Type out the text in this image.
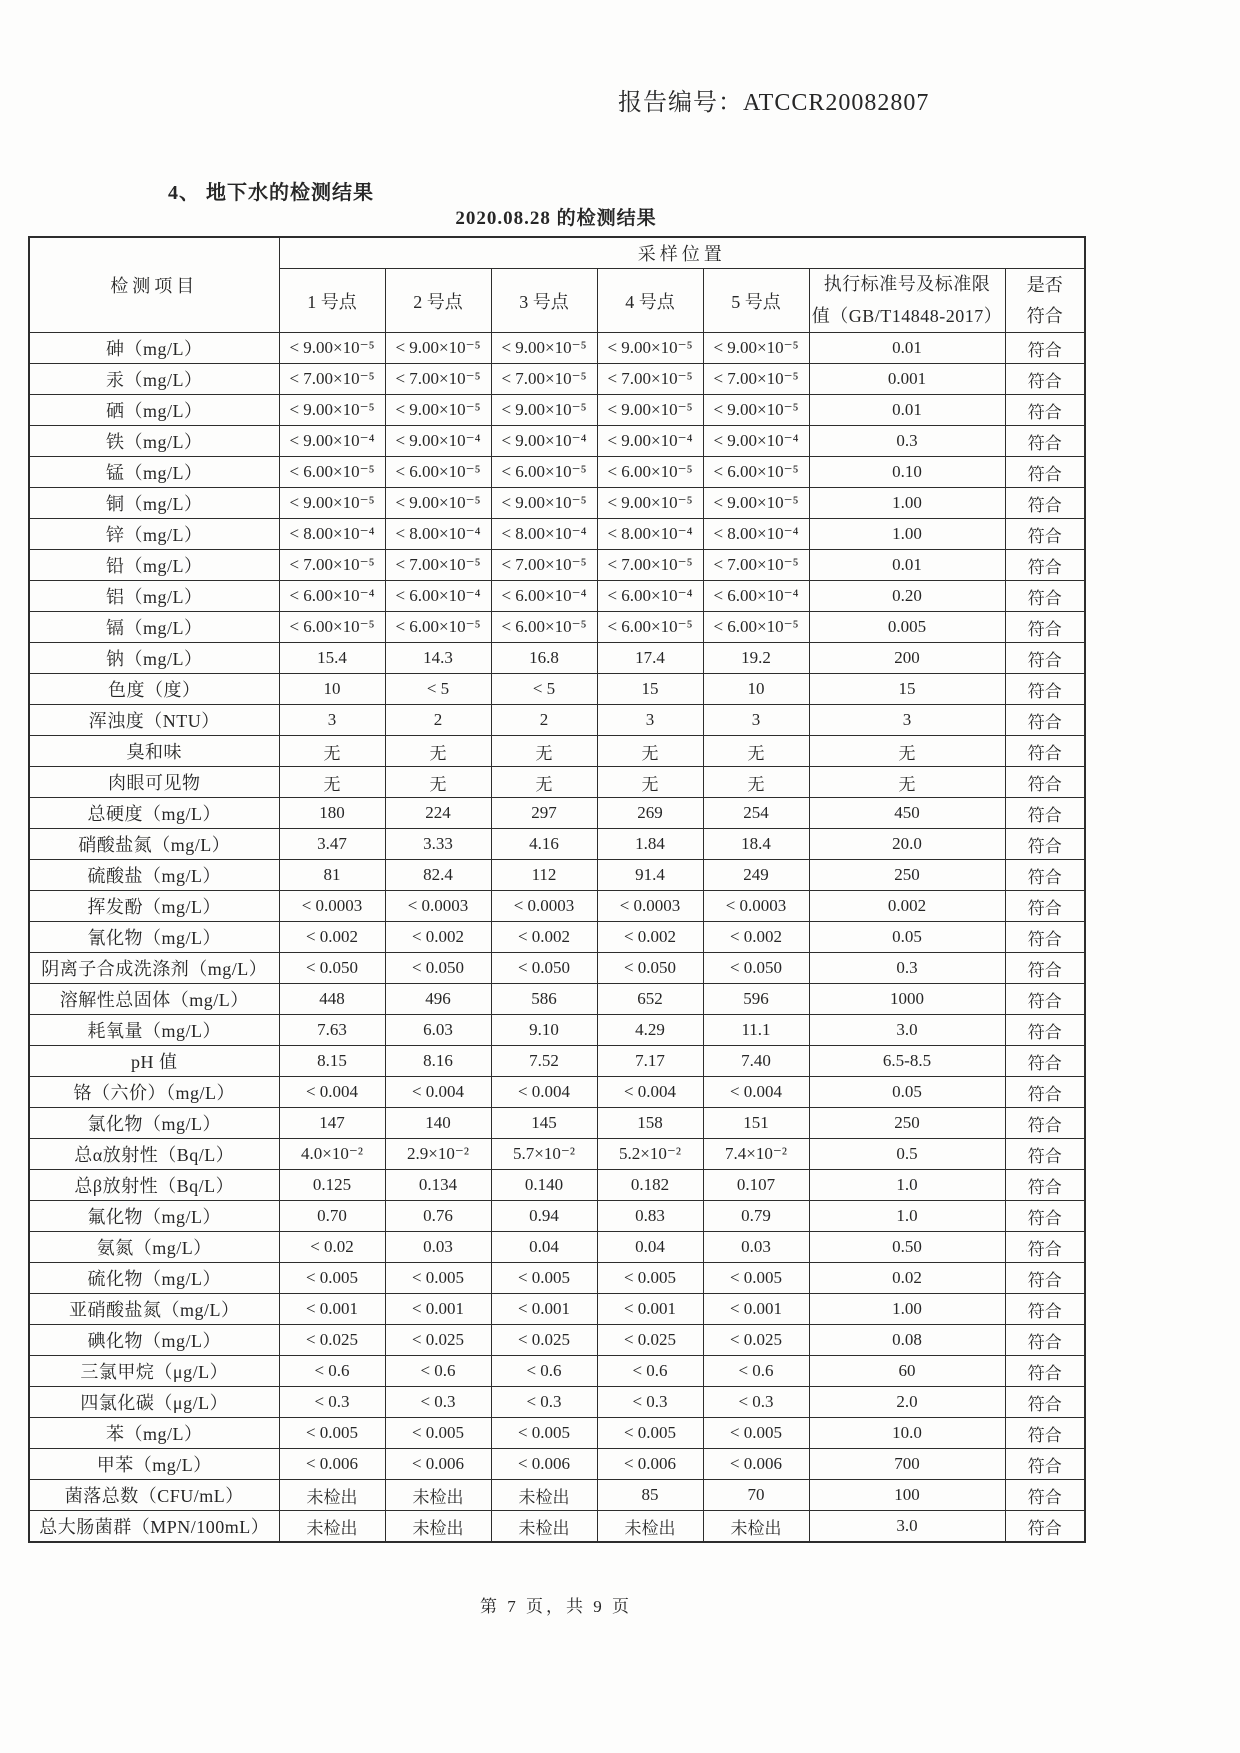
报告编号：ATCCR20082807
4、 地下水的检测结果
2020.08.28 的检测结果
检测项目	采样位置						
	1 号点	2 号点	3 号点	4 号点	5 号点	执行标准号及标准限
值（GB/T14848-2017）	是否
符合
砷（mg/L）	< 9.00×10⁻⁵	< 9.00×10⁻⁵	< 9.00×10⁻⁵	< 9.00×10⁻⁵	< 9.00×10⁻⁵	0.01	符合
汞（mg/L）	< 7.00×10⁻⁵	< 7.00×10⁻⁵	< 7.00×10⁻⁵	< 7.00×10⁻⁵	< 7.00×10⁻⁵	0.001	符合
硒（mg/L）	< 9.00×10⁻⁵	< 9.00×10⁻⁵	< 9.00×10⁻⁵	< 9.00×10⁻⁵	< 9.00×10⁻⁵	0.01	符合
铁（mg/L）	< 9.00×10⁻⁴	< 9.00×10⁻⁴	< 9.00×10⁻⁴	< 9.00×10⁻⁴	< 9.00×10⁻⁴	0.3	符合
锰（mg/L）	< 6.00×10⁻⁵	< 6.00×10⁻⁵	< 6.00×10⁻⁵	< 6.00×10⁻⁵	< 6.00×10⁻⁵	0.10	符合
铜（mg/L）	< 9.00×10⁻⁵	< 9.00×10⁻⁵	< 9.00×10⁻⁵	< 9.00×10⁻⁵	< 9.00×10⁻⁵	1.00	符合
锌（mg/L）	< 8.00×10⁻⁴	< 8.00×10⁻⁴	< 8.00×10⁻⁴	< 8.00×10⁻⁴	< 8.00×10⁻⁴	1.00	符合
铅（mg/L）	< 7.00×10⁻⁵	< 7.00×10⁻⁵	< 7.00×10⁻⁵	< 7.00×10⁻⁵	< 7.00×10⁻⁵	0.01	符合
铝（mg/L）	< 6.00×10⁻⁴	< 6.00×10⁻⁴	< 6.00×10⁻⁴	< 6.00×10⁻⁴	< 6.00×10⁻⁴	0.20	符合
镉（mg/L）	< 6.00×10⁻⁵	< 6.00×10⁻⁵	< 6.00×10⁻⁵	< 6.00×10⁻⁵	< 6.00×10⁻⁵	0.005	符合
钠（mg/L）	15.4	14.3	16.8	17.4	19.2	200	符合
色度（度）	10	< 5	< 5	15	10	15	符合
浑浊度（NTU）	3	2	2	3	3	3	符合
臭和味	无	无	无	无	无	无	符合
肉眼可见物	无	无	无	无	无	无	符合
总硬度（mg/L）	180	224	297	269	254	450	符合
硝酸盐氮（mg/L）	3.47	3.33	4.16	1.84	18.4	20.0	符合
硫酸盐（mg/L）	81	82.4	112	91.4	249	250	符合
挥发酚（mg/L）	< 0.0003	< 0.0003	< 0.0003	< 0.0003	< 0.0003	0.002	符合
氰化物（mg/L）	< 0.002	< 0.002	< 0.002	< 0.002	< 0.002	0.05	符合
阴离子合成洗涤剂（mg/L）	< 0.050	< 0.050	< 0.050	< 0.050	< 0.050	0.3	符合
溶解性总固体（mg/L）	448	496	586	652	596	1000	符合
耗氧量（mg/L）	7.63	6.03	9.10	4.29	11.1	3.0	符合
pH 值	8.15	8.16	7.52	7.17	7.40	6.5-8.5	符合
铬（六价）（mg/L）	< 0.004	< 0.004	< 0.004	< 0.004	< 0.004	0.05	符合
氯化物（mg/L）	147	140	145	158	151	250	符合
总α放射性（Bq/L）	4.0×10⁻²	2.9×10⁻²	5.7×10⁻²	5.2×10⁻²	7.4×10⁻²	0.5	符合
总β放射性（Bq/L）	0.125	0.134	0.140	0.182	0.107	1.0	符合
氟化物（mg/L）	0.70	0.76	0.94	0.83	0.79	1.0	符合
氨氮（mg/L）	< 0.02	0.03	0.04	0.04	0.03	0.50	符合
硫化物（mg/L）	< 0.005	< 0.005	< 0.005	< 0.005	< 0.005	0.02	符合
亚硝酸盐氮（mg/L）	< 0.001	< 0.001	< 0.001	< 0.001	< 0.001	1.00	符合
碘化物（mg/L）	< 0.025	< 0.025	< 0.025	< 0.025	< 0.025	0.08	符合
三氯甲烷（μg/L）	< 0.6	< 0.6	< 0.6	< 0.6	< 0.6	60	符合
四氯化碳（μg/L）	< 0.3	< 0.3	< 0.3	< 0.3	< 0.3	2.0	符合
苯（mg/L）	< 0.005	< 0.005	< 0.005	< 0.005	< 0.005	10.0	符合
甲苯（mg/L）	< 0.006	< 0.006	< 0.006	< 0.006	< 0.006	700	符合
菌落总数（CFU/mL）	未检出	未检出	未检出	85	70	100	符合
总大肠菌群（MPN/100mL）	未检出	未检出	未检出	未检出	未检出	3.0	符合
第 7 页，共 9 页
